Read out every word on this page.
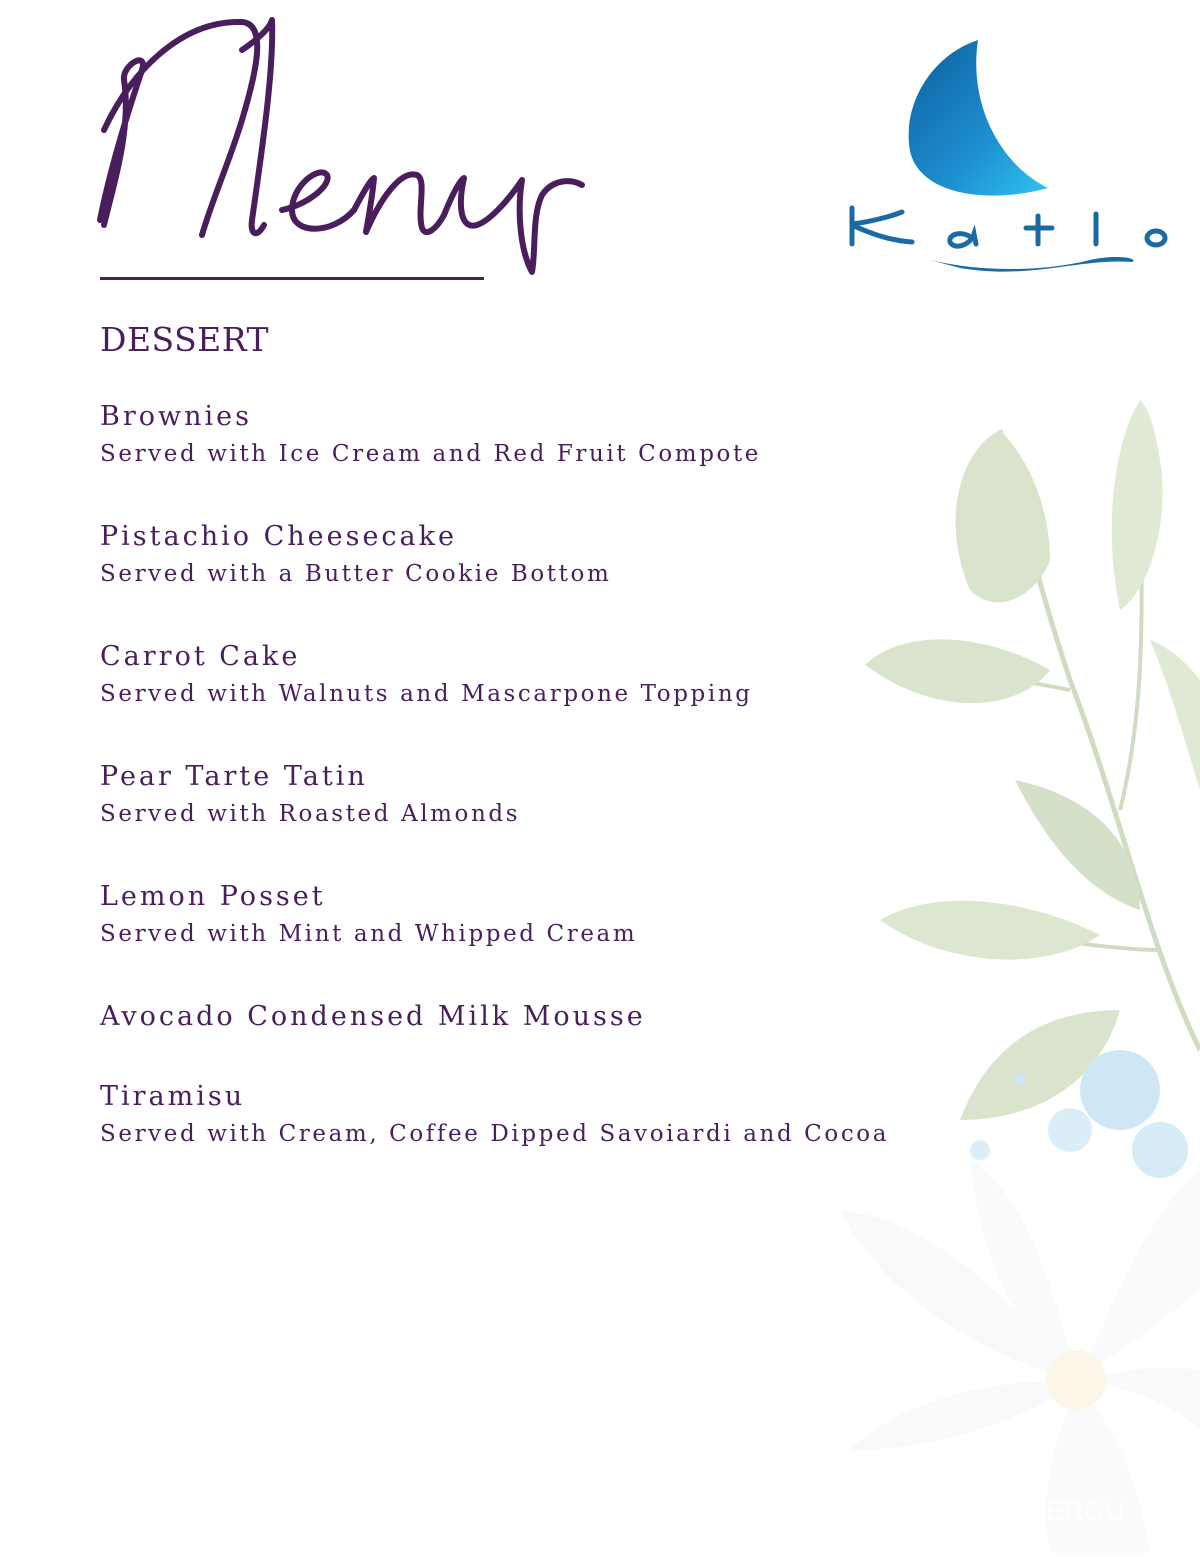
DESSERT
Brownies
Served with Ice Cream and Red Fruit Compote
Pistachio Cheesecake
Served with a Butter Cookie Bottom
Carrot Cake
Served with Walnuts and Mascarpone Topping
Pear Tarte Tatin
Served with Roasted Almonds
Lemon Posset
Served with Mint and Whipped Cream
Avocado Condensed Milk Mousse
Tiramisu
Served with Cream, Coffee Dipped Savoiardi and Cocoa
RTERGU
